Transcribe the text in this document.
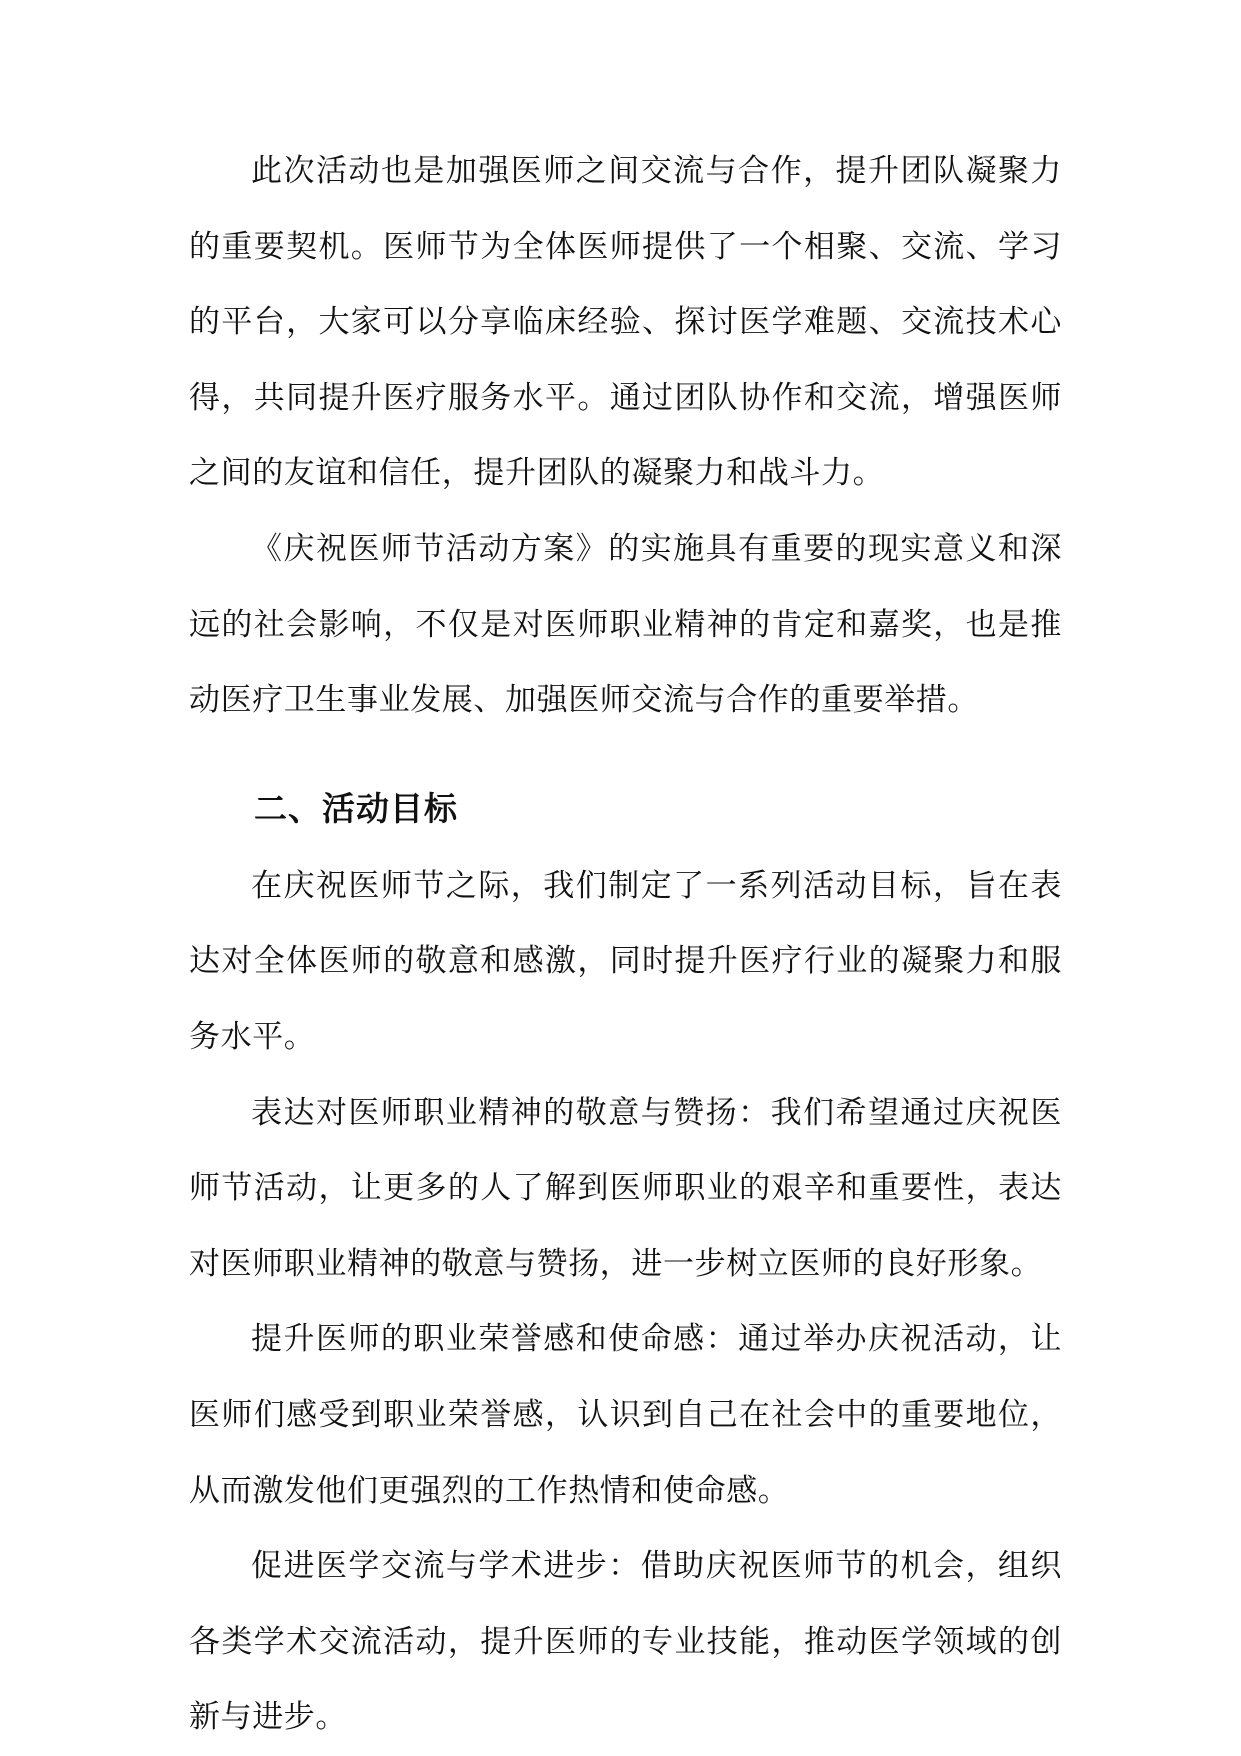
此次活动也是加强医师之间交流与合作，提升团队凝聚力的重要契机。医师节为全体医师提供了一个相聚、交流、学习的平台，大家可以分享临床经验、探讨医学难题、交流技术心得，共同提升医疗服务水平。通过团队协作和交流，增强医师之间的友谊和信任，提升团队的凝聚力和战斗力。

《庆祝医师节活动方案》的实施具有重要的现实意义和深远的社会影响，不仅是对医师职业精神的肯定和嘉奖，也是推动医疗卫生事业发展、加强医师交流与合作的重要举措。

二、活动目标

在庆祝医师节之际，我们制定了一系列活动目标，旨在表达对全体医师的敬意和感激，同时提升医疗行业的凝聚力和服务水平。

表达对医师职业精神的敬意与赞扬：我们希望通过庆祝医师节活动，让更多的人了解到医师职业的艰辛和重要性，表达对医师职业精神的敬意与赞扬，进一步树立医师的良好形象。

提升医师的职业荣誉感和使命感：通过举办庆祝活动，让医师们感受到职业荣誉感，认识到自己在社会中的重要地位，从而激发他们更强烈的工作热情和使命感。

促进医学交流与学术进步：借助庆祝医师节的机会，组织各类学术交流活动，提升医师的专业技能，推动医学领域的创新与进步。
